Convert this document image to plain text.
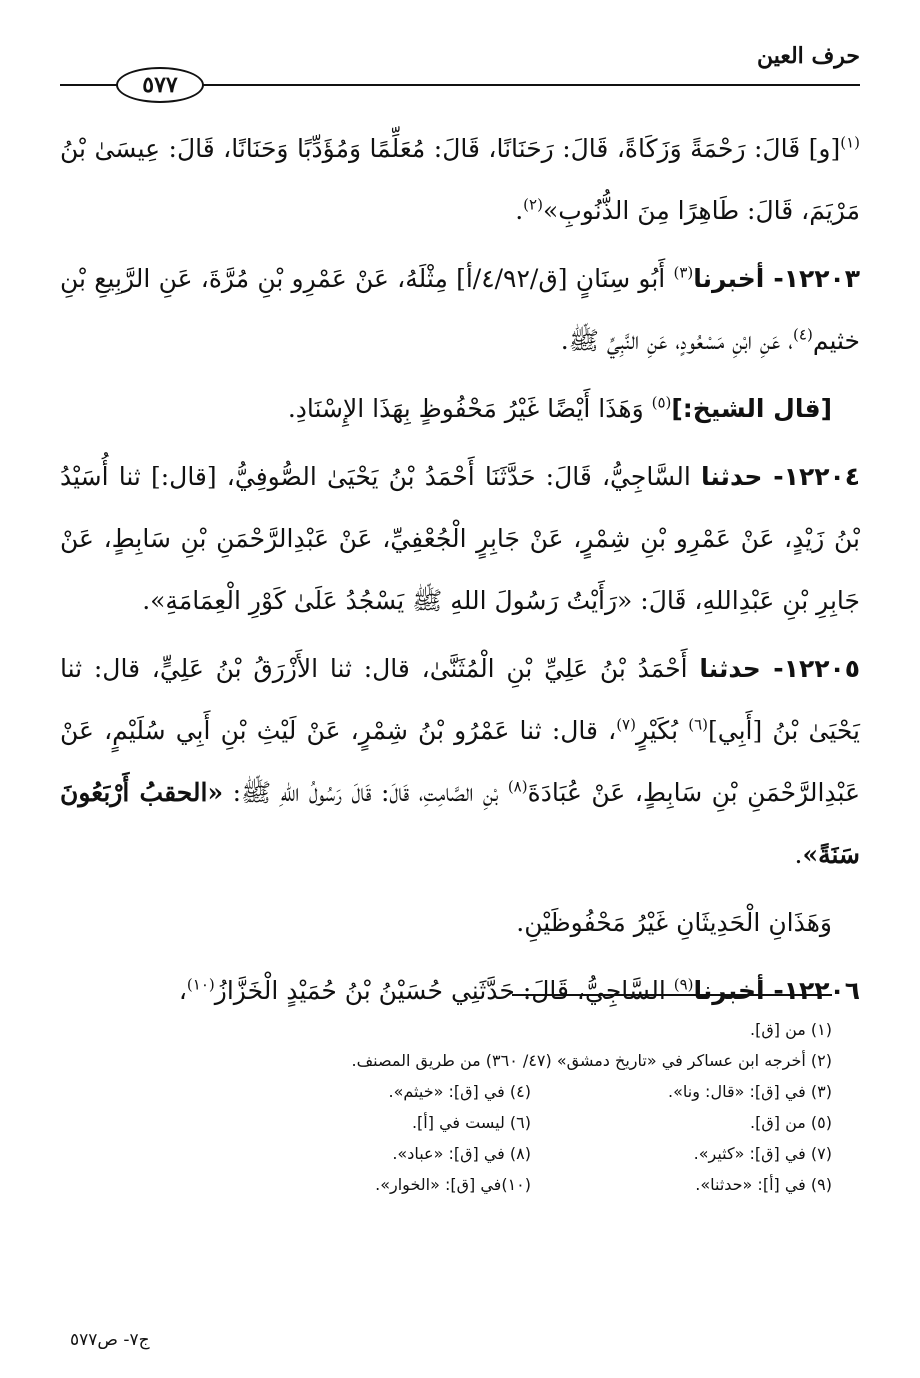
حرف العين
٥٧٧

$^{(١)}$[و] قَالَ: رَحْمَةً وَزَكَاةً، قَالَ: رَحَنَانًا، قَالَ: مُعَلِّمًا وَمُؤَدِّبًا وَحَنَانًا، قَالَ: عِيسَىٰ بْنُ مَرْيَمَ، قَالَ: طَاهِرًا مِنَ الذُّنُوبِ»$^{(٢)}$.

١٢٢٠٣- أخبرنا$^{(٣)}$ أَبُو سِنَانٍ [ق/٤/٩٢/أ] مِثْلَهُ، عَنْ عَمْرِو بْنِ مُرَّةَ، عَنِ الرَّبِيعِ بْنِ خثيم$^{(٤)}$، عَنِ ابْنِ مَسْعُودٍ، عَنِ النَّبِيِّ ﷺ.

[قال الشيخ:]$^{(٥)}$ وَهَذَا أَيْضًا غَيْرُ مَحْفُوظٍ بِهَذَا الإِسْنَادِ.

١٢٢٠٤- حدثنا السَّاجِيُّ، قَالَ: حَدَّثَنَا أَحْمَدُ بْنُ يَحْيَىٰ الصُّوفِيُّ، [قال:] ثنا أُسَيْدُ بْنُ زَيْدٍ، عَنْ عَمْرِو بْنِ شِمْرٍ، عَنْ جَابِرٍ الْجُعْفِيِّ، عَنْ عَبْدِالرَّحْمَنِ بْنِ سَابِطٍ، عَنْ جَابِرِ بْنِ عَبْدِاللهِ، قَالَ: «رَأَيْتُ رَسُولَ اللهِ ﷺ يَسْجُدُ عَلَىٰ كَوْرِ الْعِمَامَةِ».

١٢٢٠٥- حدثنا أَحْمَدُ بْنُ عَلِيِّ بْنِ الْمُثَنَّىٰ، قال: ثنا الأَزْرَقُ بْنُ عَلِيٍّ، قال: ثنا يَحْيَىٰ بْنُ [أَبِي]$^{(٦)}$ بُكَيْرٍ$^{(٧)}$، قال: ثنا عَمْرُو بْنُ شِمْرٍ، عَنْ لَيْثِ بْنِ أَبِي سُلَيْمٍ، عَنْ عَبْدِالرَّحْمَنِ بْنِ سَابِطٍ، عَنْ عُبَادَةَ$^{(٨)}$ بْنِ الصَّامِتِ، قَالَ: قَالَ رَسُولُ اللهِ ﷺ: «الحقبُ أَرْبَعُونَ سَنَةً».

وَهَذَانِ الْحَدِيثَانِ غَيْرُ مَحْفُوظَيْنِ.

١٢٢٠٦- أخبرنا$^{(٩)}$ السَّاجِيُّ، قَالَ: حَدَّثَنِي حُسَيْنُ بْنُ حُمَيْدٍ الْخَزَّازُ$^{(١٠)}$،

(١) من [ق].
(٢) أخرجه ابن عساكر في «تاريخ دمشق» (٤٧/ ٣٦٠) من طريق المصنف.
(٣) في [ق]: «قال: ونا».
(٤) في [ق]: «خيثم».
(٥) من [ق].
(٦) ليست في [أ].
(٧) في [ق]: «كثير».
(٨) في [ق]: «عباد».
(٩) في [أ]: «حدثنا».
(١٠)في [ق]: «الخوار».
ج٧- ص٥٧٧
